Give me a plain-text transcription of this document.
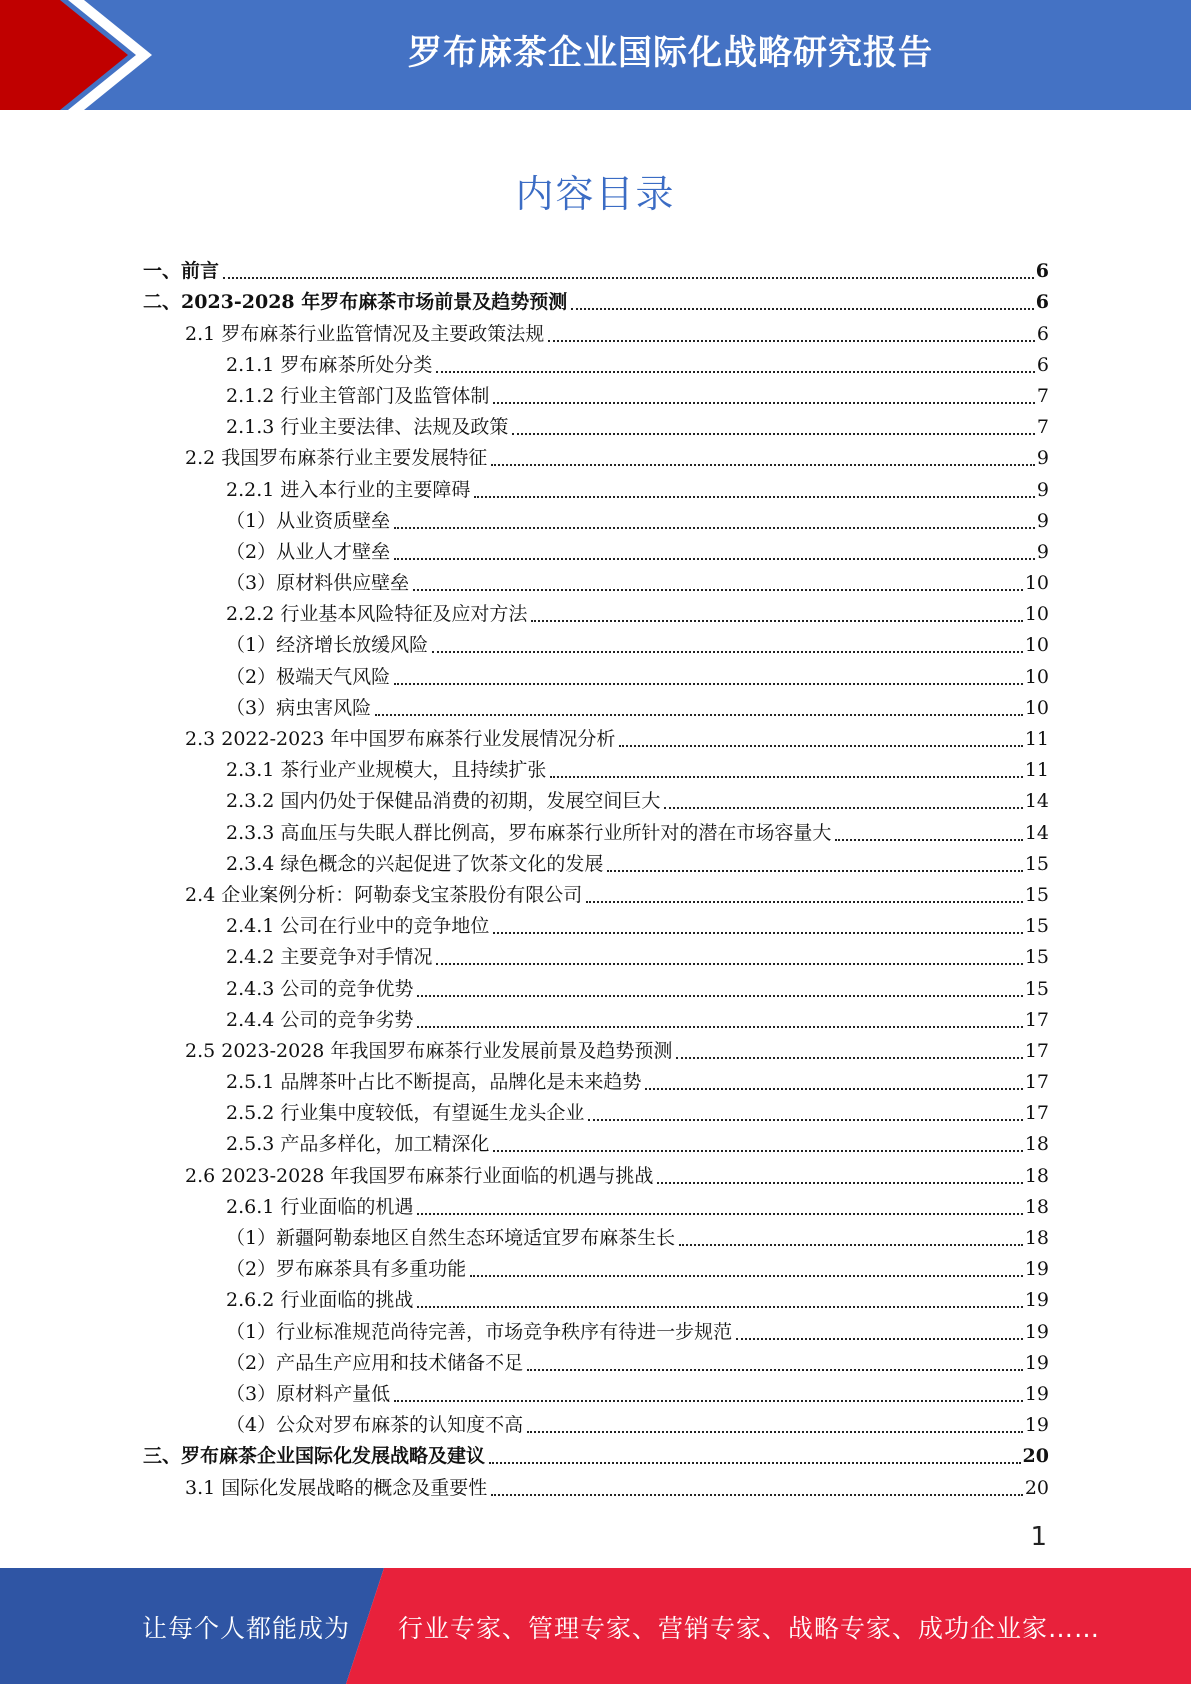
罗布麻茶企业国际化战略研究报告
内容目录
一、前言	6
二、2023-2028 年罗布麻茶市场前景及趋势预测	6
2.1 罗布麻茶行业监管情况及主要政策法规	6
2.1.1 罗布麻茶所处分类	6
2.1.2 行业主管部门及监管体制	7
2.1.3 行业主要法律、法规及政策	7
2.2 我国罗布麻茶行业主要发展特征	9
2.2.1 进入本行业的主要障碍	9
（1）从业资质壁垒	9
（2）从业人才壁垒	9
（3）原材料供应壁垒	10
2.2.2 行业基本风险特征及应对方法	10
（1）经济增长放缓风险	10
（2）极端天气风险	10
（3）病虫害风险	10
2.3 2022-2023 年中国罗布麻茶行业发展情况分析	11
2.3.1 茶行业产业规模大，且持续扩张	11
2.3.2 国内仍处于保健品消费的初期，发展空间巨大	14
2.3.3 高血压与失眠人群比例高，罗布麻茶行业所针对的潜在市场容量大	14
2.3.4 绿色概念的兴起促进了饮茶文化的发展	15
2.4 企业案例分析：阿勒泰戈宝茶股份有限公司	15
2.4.1 公司在行业中的竞争地位	15
2.4.2 主要竞争对手情况	15
2.4.3 公司的竞争优势	15
2.4.4 公司的竞争劣势	17
2.5 2023-2028 年我国罗布麻茶行业发展前景及趋势预测	17
2.5.1 品牌茶叶占比不断提高，品牌化是未来趋势	17
2.5.2 行业集中度较低，有望诞生龙头企业	17
2.5.3 产品多样化，加工精深化	18
2.6 2023-2028 年我国罗布麻茶行业面临的机遇与挑战	18
2.6.1 行业面临的机遇	18
（1）新疆阿勒泰地区自然生态环境适宜罗布麻茶生长	18
（2）罗布麻茶具有多重功能	19
2.6.2 行业面临的挑战	19
（1）行业标准规范尚待完善，市场竞争秩序有待进一步规范	19
（2）产品生产应用和技术储备不足	19
（3）原材料产量低	19
（4）公众对罗布麻茶的认知度不高	19
三、罗布麻茶企业国际化发展战略及建议	20
3.1 国际化发展战略的概念及重要性	20
1
让每个人都能成为 行业专家、管理专家、营销专家、战略专家、成功企业家……
